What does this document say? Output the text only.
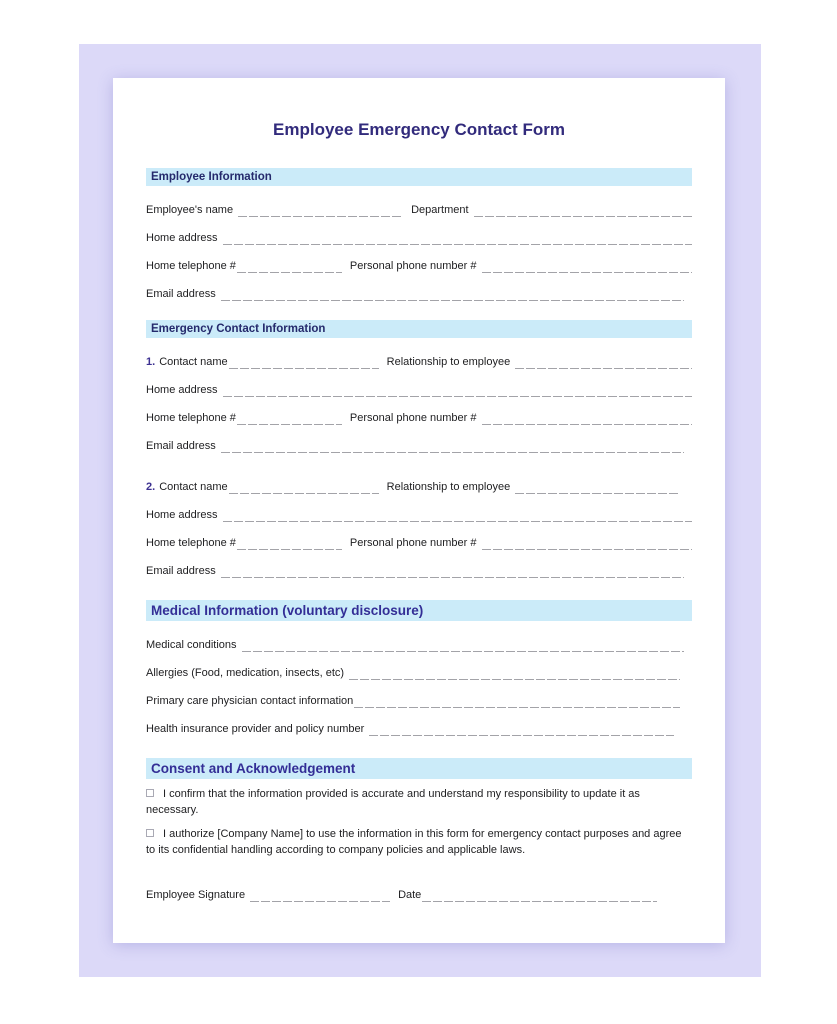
Employee Emergency Contact Form
Employee Information
Employee's name	Department
Home address
Home telephone #	Personal phone number #
Email address
Emergency Contact Information
1. Contact name	Relationship to employee
Home address
Home telephone #	Personal phone number #
Email address
2. Contact name	Relationship to employee
Home address
Home telephone #	Personal phone number #
Email address
Medical Information (voluntary disclosure)
Medical conditions
Allergies (Food, medication, insects, etc)
Primary care physician contact information
Health insurance provider and policy number
Consent and Acknowledgement

I confirm that the information provided is accurate and understand my responsibility to update it as necessary.

I authorize [Company Name] to use the information in this form for emergency contact purposes and agree to its confidential handling according to company policies and applicable laws.

Employee Signature	Date
